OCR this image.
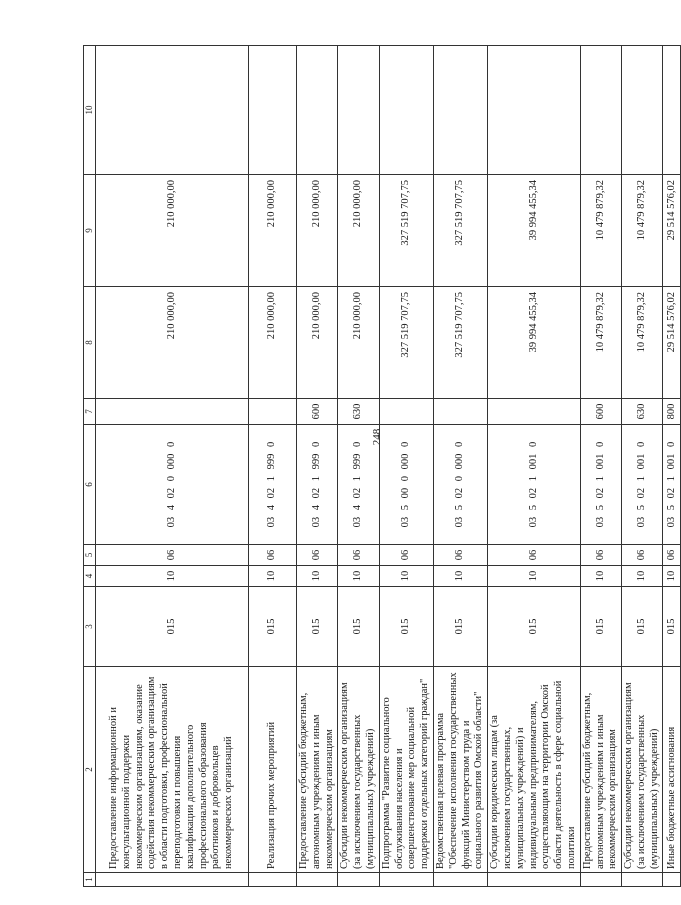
248
1	2	3	4	5	6	7	8	9	10
	Предоставление информационной и консультационной поддержки некоммерческим организациям, оказание содействия некоммерческим организациям в области подготовки, профессиональной переподготовки и повышения квалификации дополнительного профессионального образования работников и добровольцев некоммерческих организаций	015	10	06	03 4 02 0 000 0		210 000,00	210 000,00	
	Реализация прочих мероприятий	015	10	06	03 4 02 1 999 0		210 000,00	210 000,00	
	Предоставление субсидий бюджетным, автономным учреждениям и иным некоммерческим организациям	015	10	06	03 4 02 1 999 0	600	210 000,00	210 000,00	
	Субсидии некоммерческим организациям (за исключением государственных (муниципальных) учреждений)	015	10	06	03 4 02 1 999 0	630	210 000,00	210 000,00	
	Подпрограмма "Развитие социального обслуживания населения и совершенствование мер социальной поддержки отдельных категорий граждан"	015	10	06	03 5 00 0 000 0		327 519 707,75	327 519 707,75	
	Ведомственная целевая программа "Обеспечение исполнения государственных функций Министерством труда и социального развития Омской области"	015	10	06	03 5 02 0 000 0		327 519 707,75	327 519 707,75	
	Субсидии юридическим лицам (за исключением государственных, муниципальных учреждений) и индивидуальным предпринимателям, осуществляющим на территории Омской области деятельность в сфере социальной политики	015	10	06	03 5 02 1 001 0		39 994 455,34	39 994 455,34	
	Предоставление субсидий бюджетным, автономным учреждениям и иным некоммерческим организациям	015	10	06	03 5 02 1 001 0	600	10 479 879,32	10 479 879,32	
	Субсидии некоммерческим организациям (за исключением государственных (муниципальных) учреждений)	015	10	06	03 5 02 1 001 0	630	10 479 879,32	10 479 879,32	
	Иные бюджетные ассигнования	015	10	06	03 5 02 1 001 0	800	29 514 576,02	29 514 576,02	
